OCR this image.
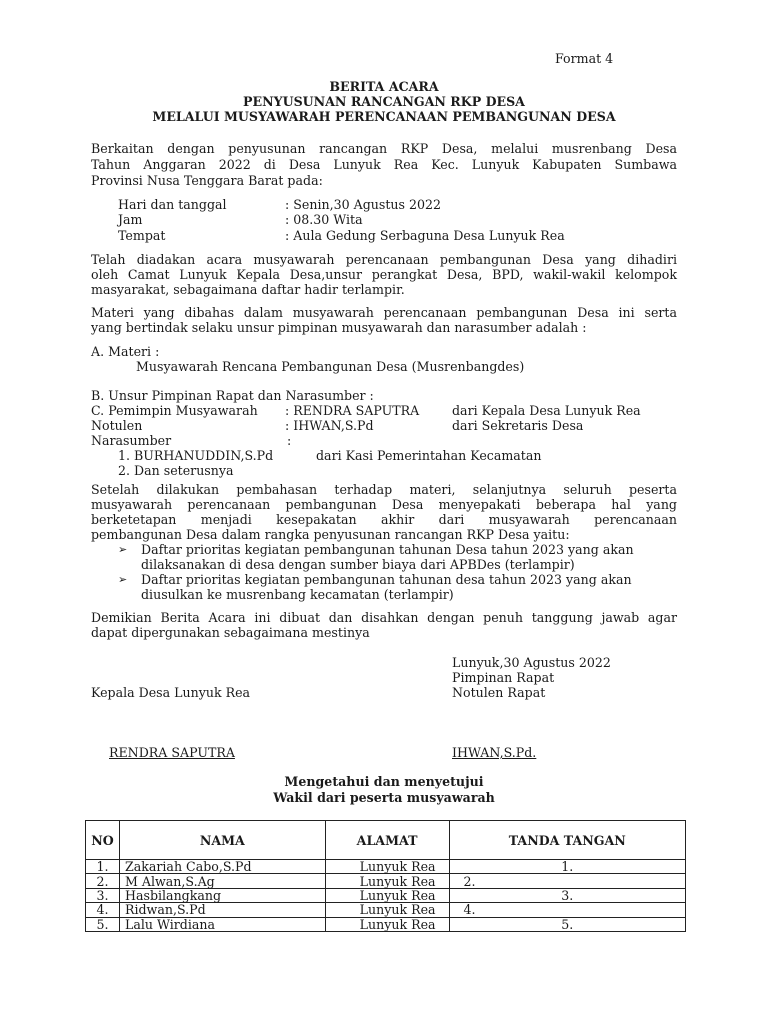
Format 4
BERITA ACARA
PENYUSUNAN RANCANGAN RKP DESA
MELALUI MUSYAWARAH PERENCANAAN PEMBANGUNAN DESA
Berkaitan dengan penyusunan rancangan RKP Desa, melalui musrenbang Desa
Tahun Anggaran 2022 di Desa Lunyuk Rea Kec. Lunyuk Kabupaten Sumbawa
Provinsi Nusa Tenggara Barat pada:
Hari dan tanggal	: Senin,30 Agustus 2022
Jam	: 08.30 Wita
Tempat	: Aula Gedung Serbaguna Desa Lunyuk Rea
Telah diadakan acara musyawarah perencanaan pembangunan Desa yang dihadiri
oleh Camat Lunyuk Kepala Desa,unsur perangkat Desa, BPD, wakil-wakil kelompok
masyarakat, sebagaimana daftar hadir terlampir.
Materi yang dibahas dalam musyawarah perencanaan pembangunan Desa ini serta
yang bertindak selaku unsur pimpinan musyawarah dan narasumber adalah :
A. Materi :
Musyawarah Rencana Pembangunan Desa (Musrenbangdes)
B. Unsur Pimpinan Rapat dan Narasumber :
C. Pemimpin Musyawarah : RENDRA SAPUTRA	dari Kepala Desa Lunyuk Rea
Notulen	: IHWAN,S.Pd	dari Sekretaris Desa
Narasumber	:
1. BURHANUDDIN,S.Pd	dari Kasi Pemerintahan Kecamatan
2. Dan seterusnya
Setelah dilakukan pembahasan terhadap materi, selanjutnya seluruh peserta
musyawarah perencanaan pembangunan Desa menyepakati beberapa hal yang
berketetapan menjadi kesepakatan akhir dari musyawarah perencanaan
pembangunan Desa dalam rangka penyusunan rancangan RKP Desa yaitu:
➢ Daftar prioritas kegiatan pembangunan tahunan Desa tahun 2023 yang akan
dilaksanakan di desa dengan sumber biaya dari APBDes (terlampir)
➢ Daftar prioritas kegiatan pembangunan tahunan desa tahun 2023 yang akan
diusulkan ke musrenbang kecamatan (terlampir)
Demikian Berita Acara ini dibuat dan disahkan dengan penuh tanggung jawab agar
dapat dipergunakan sebagaimana mestinya
Lunyuk,30 Agustus 2022
Pimpinan Rapat
Kepala Desa Lunyuk Rea	Notulen Rapat
RENDRA SAPUTRA	IHWAN,S.Pd.
Mengetahui dan menyetujui
Wakil dari peserta musyawarah
NO	NAMA	ALAMAT	TANDA TANGAN
1.	Zakariah Cabo,S.Pd	Lunyuk Rea	1.
2.	M Alwan,S.Ag	Lunyuk Rea	2.
3.	Hasbilangkang	Lunyuk Rea	3.
4.	Ridwan,S.Pd	Lunyuk Rea	4.
5.	Lalu Wirdiana	Lunyuk Rea	5.
